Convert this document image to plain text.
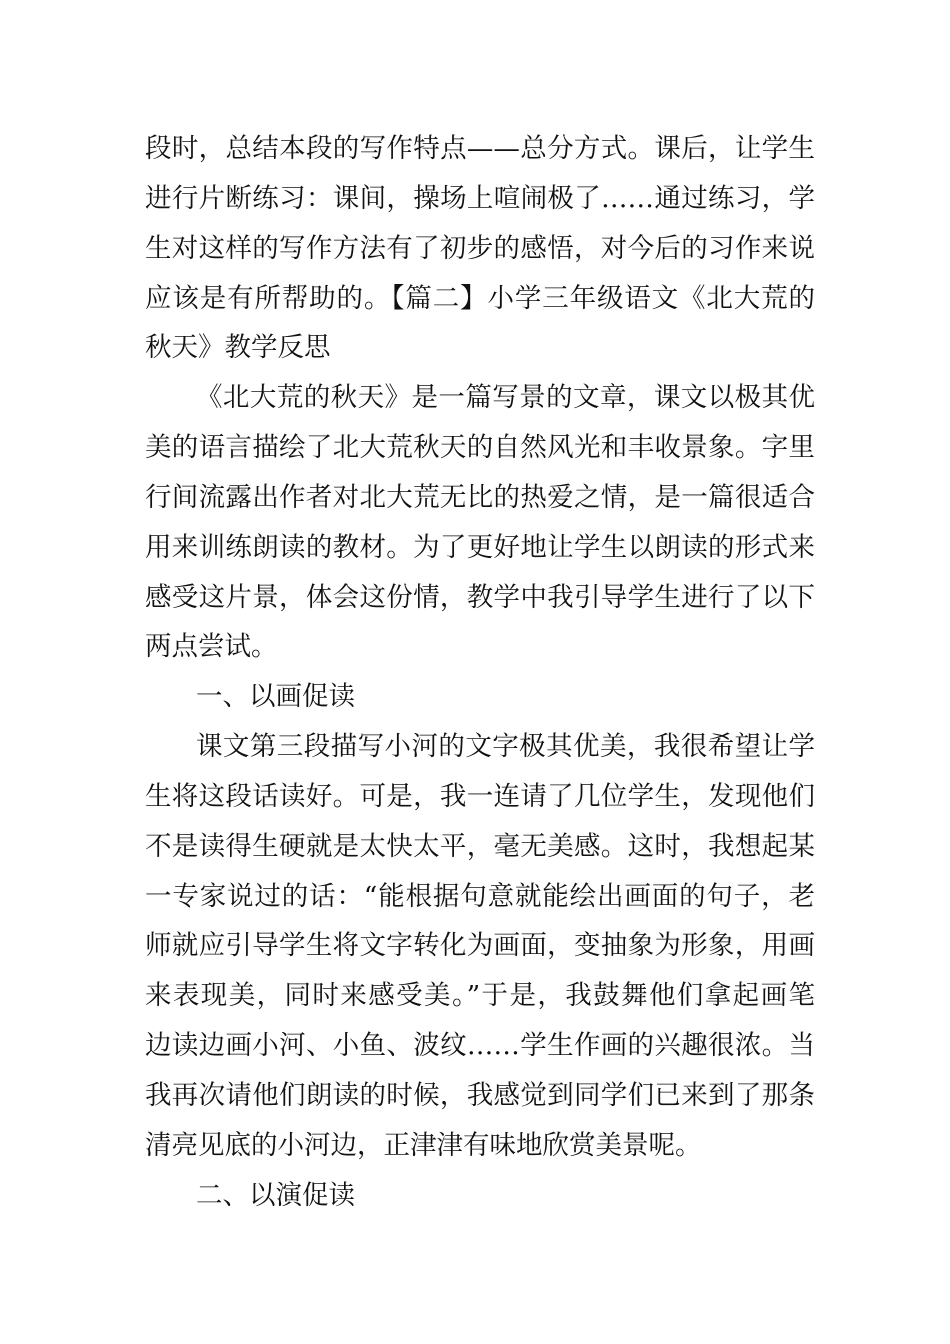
段时，总结本段的写作特点——总分方式。课后，让学生
进行片断练习：课间，操场上喧闹极了……通过练习，学
生对这样的写作方法有了初步的感悟，对今后的习作来说
应该是有所帮助的。【篇二】小学三年级语文《北大荒的
秋天》教学反思
《北大荒的秋天》是一篇写景的文章，课文以极其优
美的语言描绘了北大荒秋天的自然风光和丰收景象。字里
行间流露出作者对北大荒无比的热爱之情，是一篇很适合
用来训练朗读的教材。为了更好地让学生以朗读的形式来
感受这片景，体会这份情，教学中我引导学生进行了以下
两点尝试。
一、以画促读
课文第三段描写小河的文字极其优美，我很希望让学
生将这段话读好。可是，我一连请了几位学生，发现他们
不是读得生硬就是太快太平，毫无美感。这时，我想起某
一专家说过的话：“能根据句意就能绘出画面的句子，老
师就应引导学生将文字转化为画面，变抽象为形象，用画
来表现美，同时来感受美。”于是，我鼓舞他们拿起画笔
边读边画小河、小鱼、波纹……学生作画的兴趣很浓。当
我再次请他们朗读的时候，我感觉到同学们已来到了那条
清亮见底的小河边，正津津有味地欣赏美景呢。
二、以演促读
